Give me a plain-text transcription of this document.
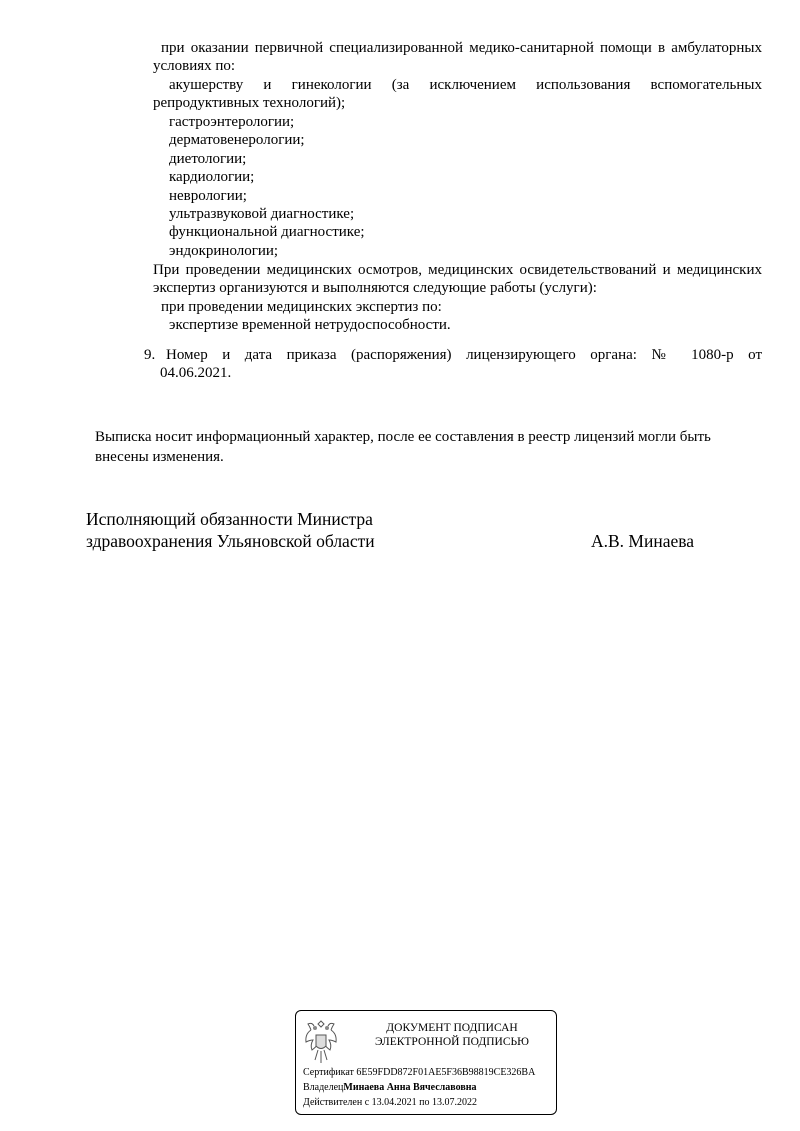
при оказании первичной специализированной медико-санитарной помощи в амбулаторных условиях по:
акушерству и гинекологии (за исключением использования вспомогательных репродуктивных технологий);
гастроэнтерологии;
дерматовенерологии;
диетологии;
кардиологии;
неврологии;
ультразвуковой диагностике;
функциональной диагностике;
эндокринологии;
При проведении медицинских осмотров, медицинских освидетельствований и медицинских экспертиз организуются и выполняются следующие работы (услуги):
при проведении медицинских экспертиз по:
экспертизе временной нетрудоспособности.
9. Номер и дата приказа (распоряжения) лицензирующего органа: № 1080-р от
04.06.2021.
Выписка носит информационный характер, после ее составления в реестр лицензий могли быть внесены изменения.
Исполняющий обязанности Министра
здравоохранения Ульяновской области	А.В. Минаева
ДОКУМЕНТ ПОДПИСАН
ЭЛЕКТРОННОЙ ПОДПИСЬЮ
Сертификат 6E59FDD872F01AE5F36B98819CE326BA
ВладелецМинаева Анна Вячеславовна
Действителен с 13.04.2021 по 13.07.2022
